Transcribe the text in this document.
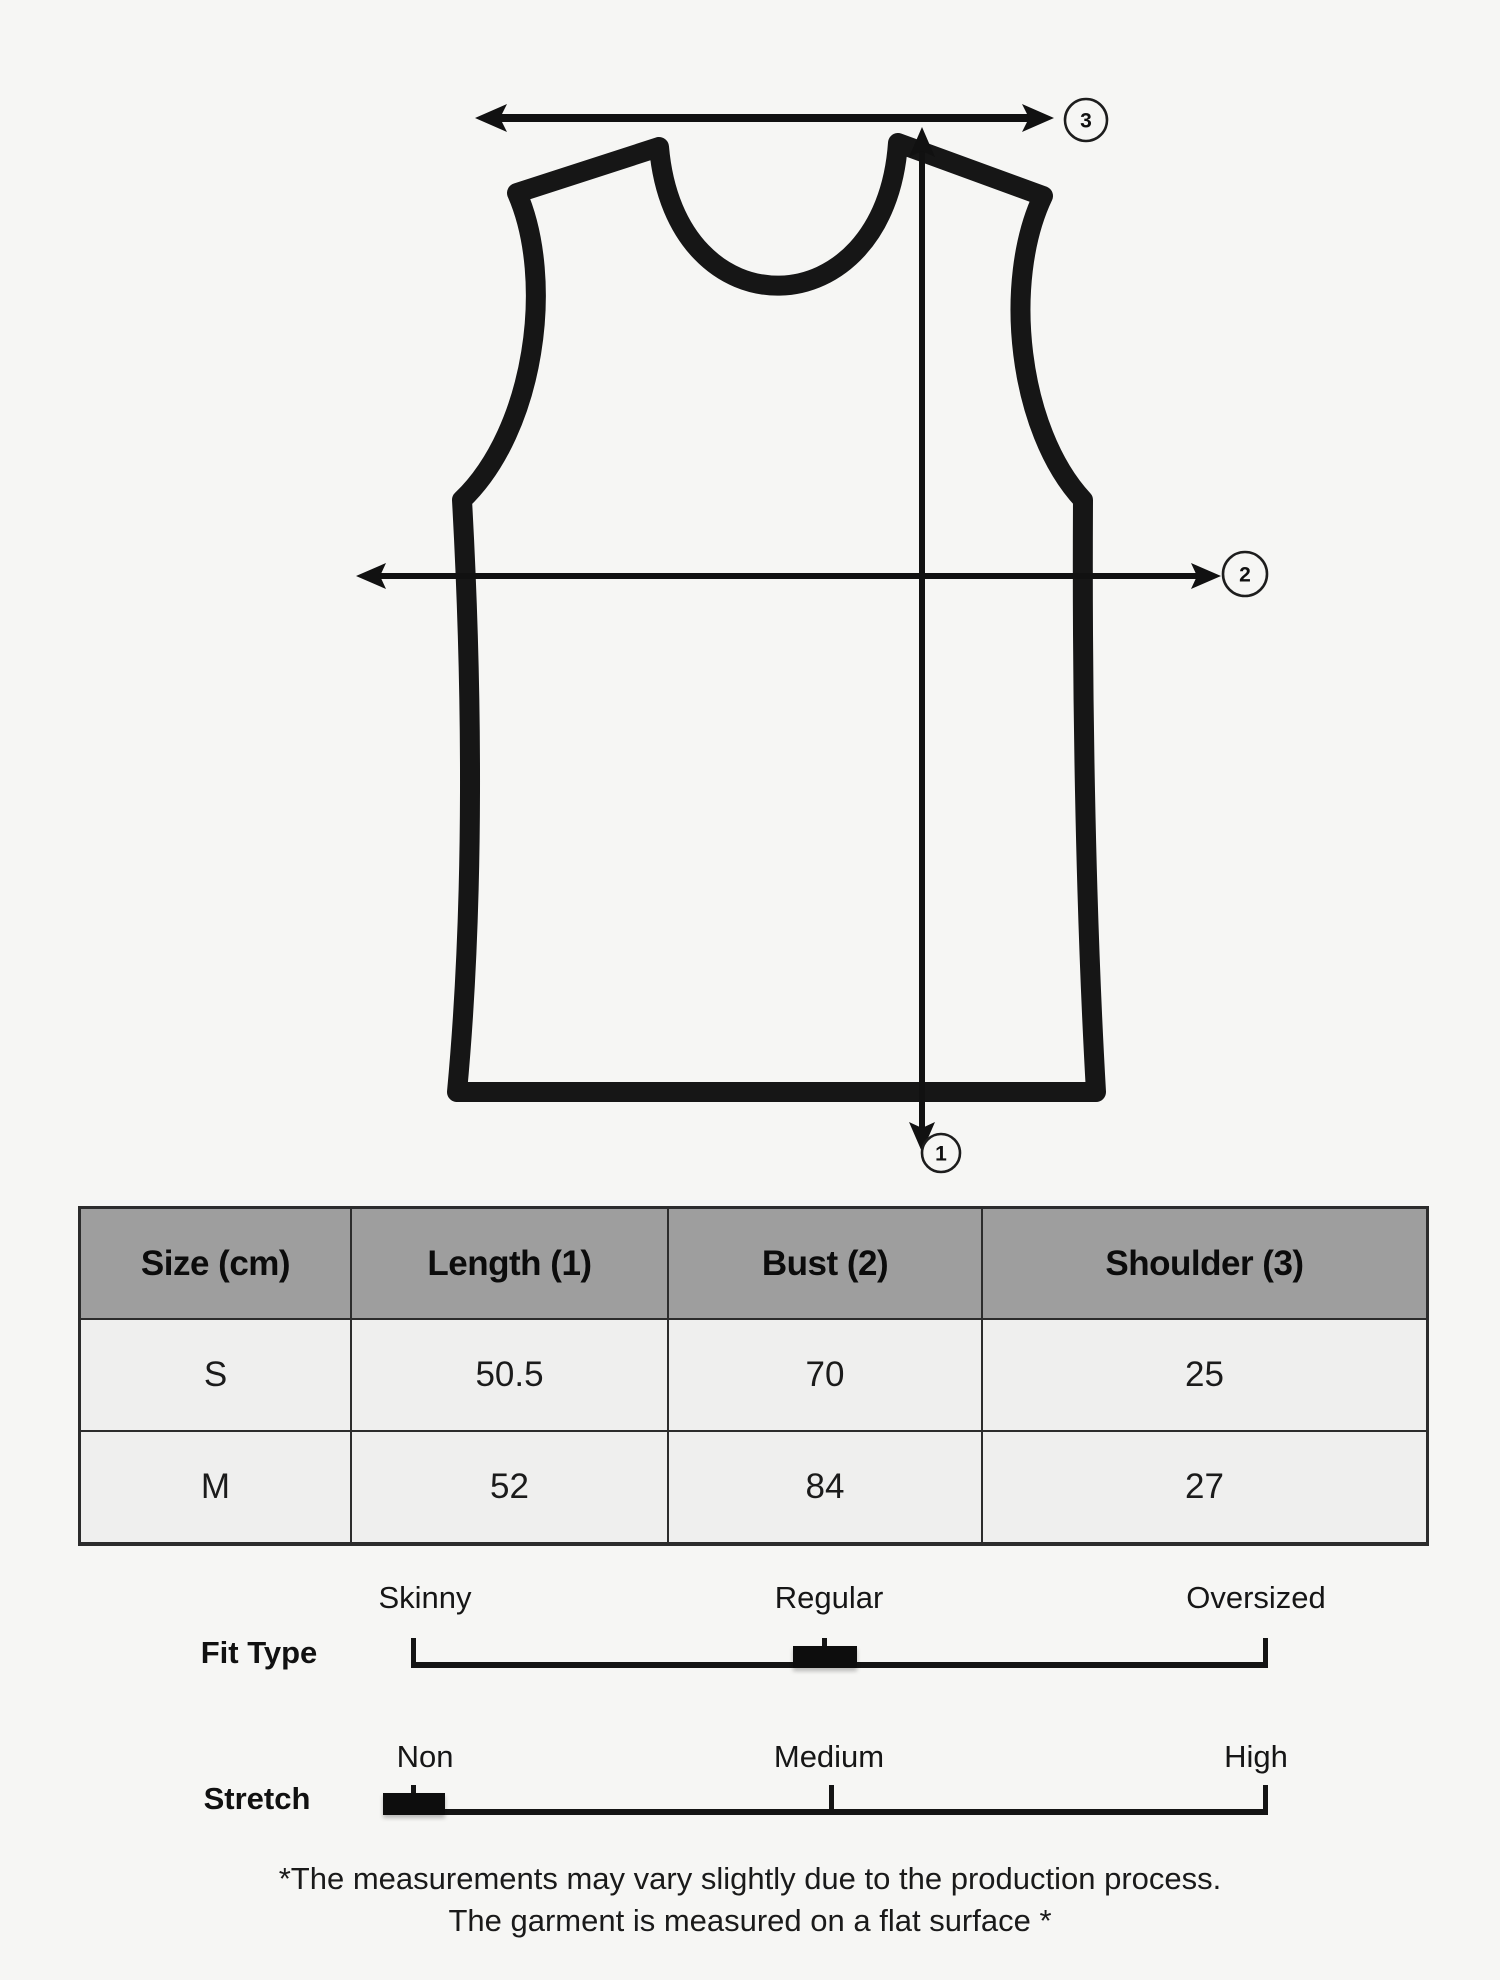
3
2
1
Size (cm)	Length (1)	Bust (2)	Shoulder (3)
S	50.5	70	25
M	52	84	27
Skinny	Regular	Oversized
Fit Type
Non	Medium	High
Stretch
*The measurements may vary slightly due to the production process.
The garment is measured on a flat surface *
